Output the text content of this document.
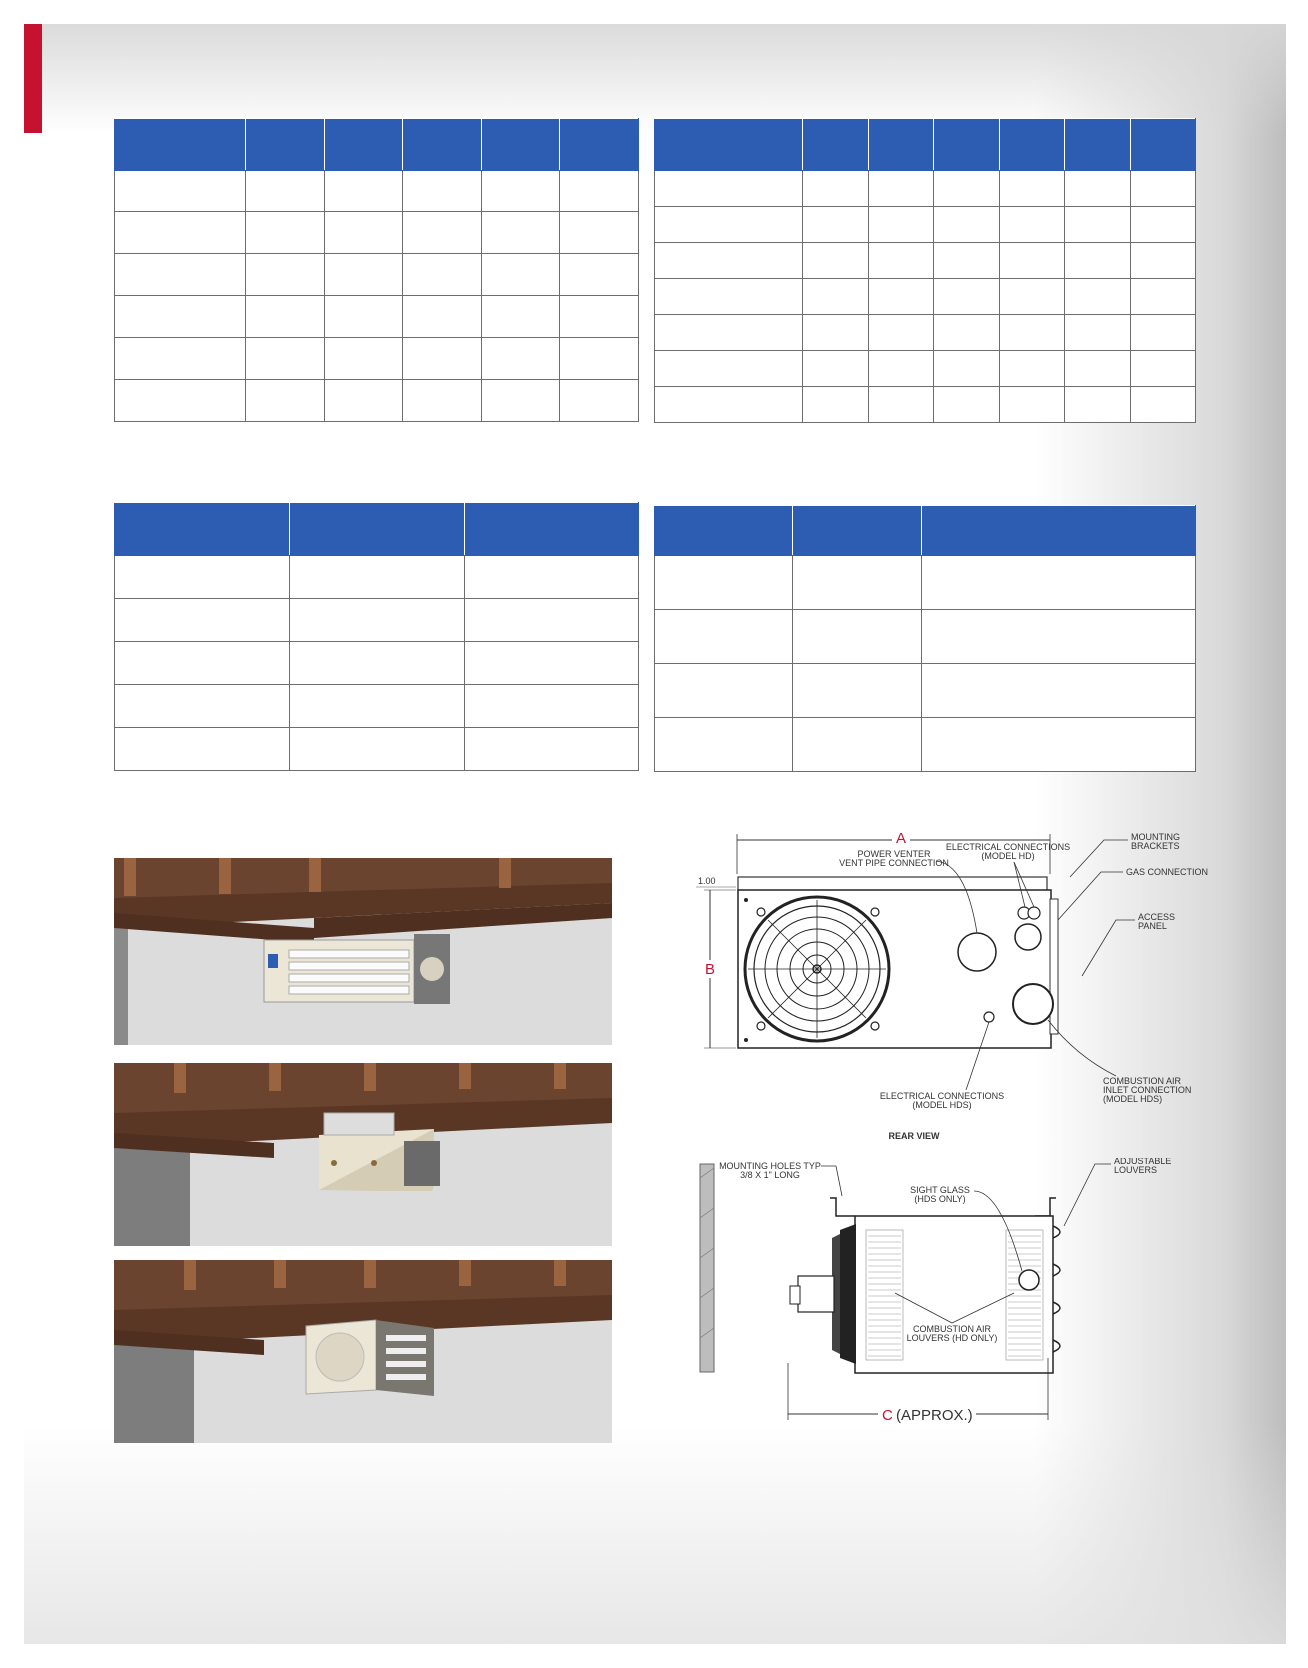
A
1.00
B
POWER VENTER
VENT PIPE CONNECTION
ELECTRICAL CONNECTIONS
(MODEL HD)
MOUNTING
BRACKETS
GAS CONNECTION
ACCESS
PANEL
ELECTRICAL CONNECTIONS
(MODEL HDS)
COMBUSTION AIR
INLET CONNECTION
(MODEL HDS)
REAR VIEW
MOUNTING HOLES TYP
3/8 X 1" LONG
SIGHT GLASS
(HDS ONLY)
ADJUSTABLE
LOUVERS
COMBUSTION AIR
LOUVERS (HD ONLY)
C (APPROX.)
